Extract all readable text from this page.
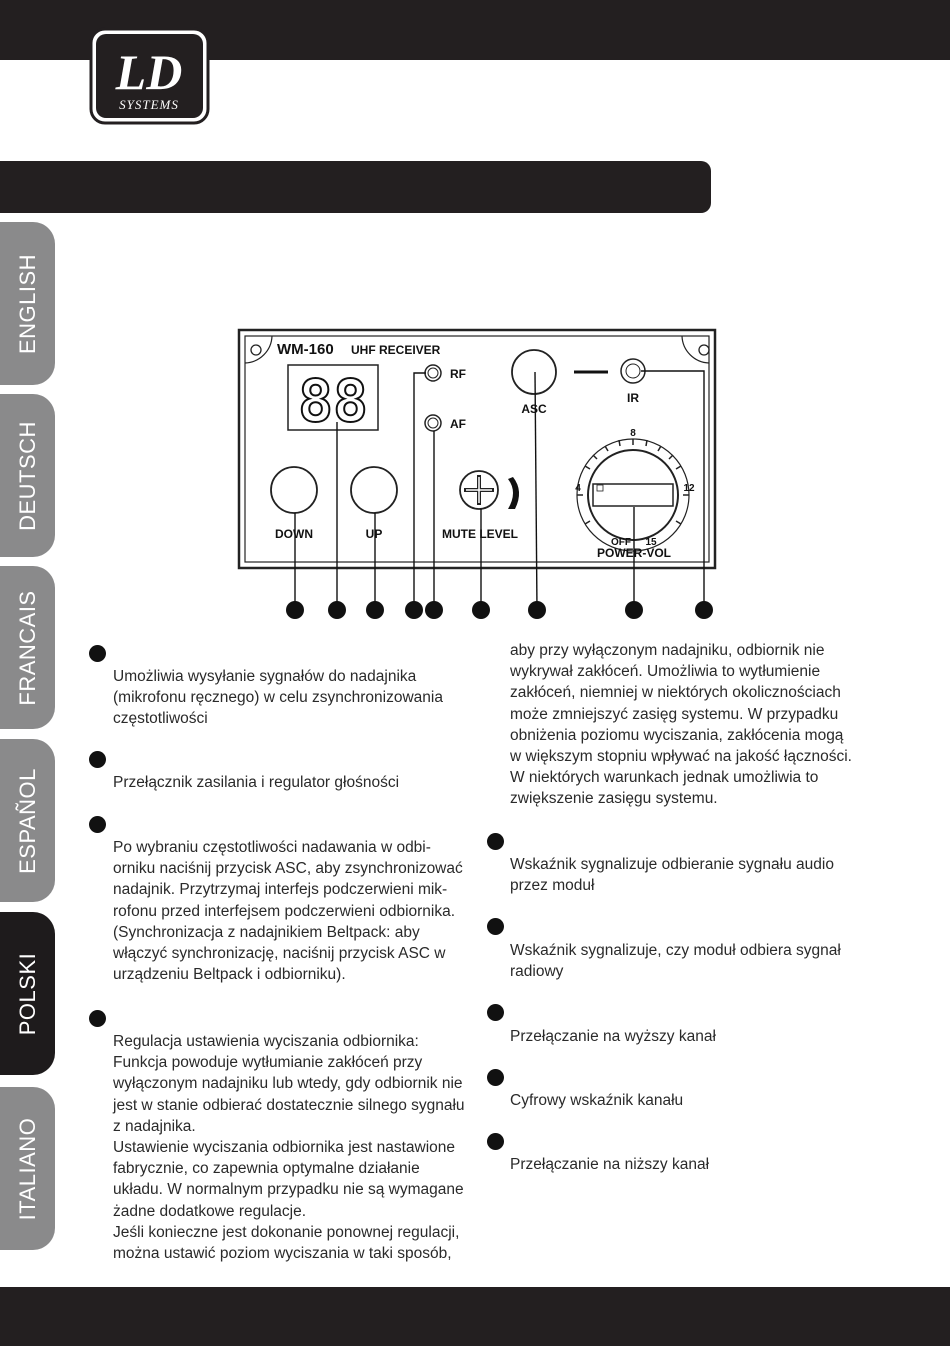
LD
SYSTEMS
ENGLISH
DEUTSCH
FRANCAIS
ESPAÑOL
POLSKI
ITALIANO
WM-160 UHF RECEIVER
88	RF
AF
ASC
IR
DOWN	UP	MUTE LEVEL
8
4	12
OFF 15
POWER-VOL
Umożliwia wysyłanie sygnałów do nadajnika
(mikrofonu ręcznego) w celu zsynchronizowania
częstotliwości
Przełącznik zasilania i regulator głośności
Po wybraniu częstotliwości nadawania w odbi-
orniku naciśnij przycisk ASC, aby zsynchronizować
nadajnik. Przytrzymaj interfejs podczerwieni mik-
rofonu przed interfejsem podczerwieni odbiornika.
(Synchronizacja z nadajnikiem Beltpack: aby
włączyć synchronizację, naciśnij przycisk ASC w
urządzeniu Beltpack i odbiorniku).
Regulacja ustawienia wyciszania odbiornika:
Funkcja powoduje wytłumianie zakłóceń przy
wyłączonym nadajniku lub wtedy, gdy odbiornik nie
jest w stanie odbierać dostatecznie silnego sygnału
z nadajnika.
Ustawienie wyciszania odbiornika jest nastawione
fabrycznie, co zapewnia optymalne działanie
układu. W normalnym przypadku nie są wymagane
żadne dodatkowe regulacje.
Jeśli konieczne jest dokonanie ponownej regulacji,
można ustawić poziom wyciszania w taki sposób,
aby przy wyłączonym nadajniku, odbiornik nie
wykrywał zakłóceń. Umożliwia to wytłumienie
zakłóceń, niemniej w niektórych okolicznościach
może zmniejszyć zasięg systemu. W przypadku
obniżenia poziomu wyciszania, zakłócenia mogą
w większym stopniu wpływać na jakość łączności.
W niektórych warunkach jednak umożliwia to
zwiększenie zasięgu systemu.
Wskaźnik sygnalizuje odbieranie sygnału audio
przez moduł
Wskaźnik sygnalizuje, czy moduł odbiera sygnał
radiowy
Przełączanie na wyższy kanał
Cyfrowy wskaźnik kanału
Przełączanie na niższy kanał
